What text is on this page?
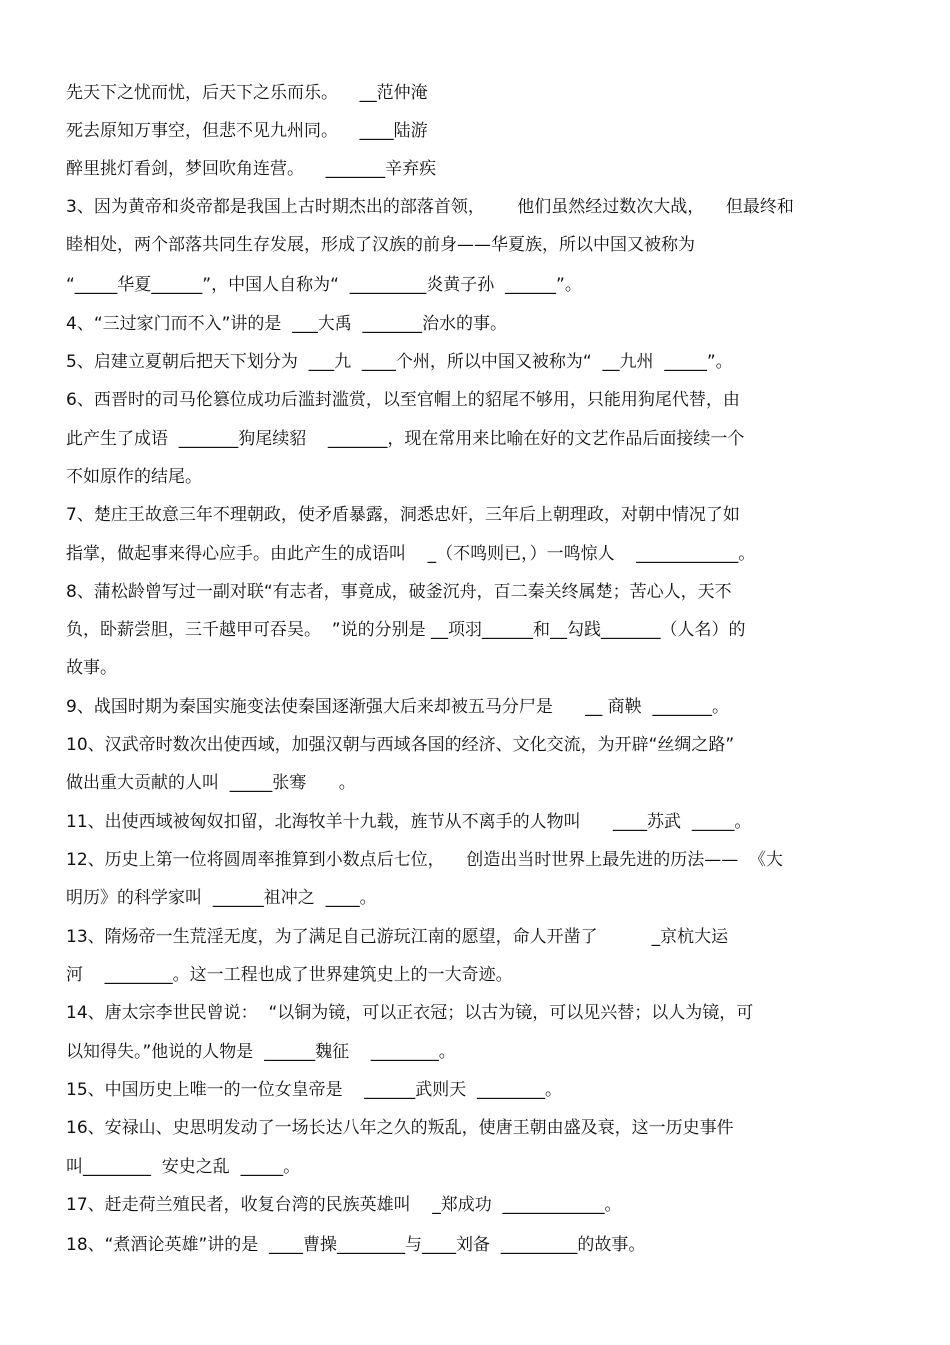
先天下之忧而忧，后天下之乐而乐。    __范仲淹
死去原知万事空，但悲不见九州同。    ____陆游
醉里挑灯看剑，梦回吹角连营。    _______辛弃疾
3、因为黄帝和炎帝都是我国上古时期杰出的部落首领，      他们虽然经过数次大战，    但最终和
睦相处，两个部落共同生存发展，形成了汉族的前身——华夏族，所以中国又被称为
“_____华夏______”，中国人自称为“  _________炎黄子孙  ______”。
4、“三过家门而不入”讲的是  ___大禹  _______治水的事。
5、启建立夏朝后把天下划分为  ___九  ____个州，所以中国又被称为“  __九州  _____”。
6、西晋时的司马伦篡位成功后滥封滥赏，以至官帽上的貂尾不够用，只能用狗尾代替，由
此产生了成语  _______狗尾续貂    _______，现在常用来比喻在好的文艺作品后面接续一个
不如原作的结尾。
7、楚庄王故意三年不理朝政，使矛盾暴露，洞悉忠奸，三年后上朝理政，对朝中情况了如
指掌，做起事来得心应手。由此产生的成语叫    _（不鸣则已，）一鸣惊人    ____________。
8、蒲松龄曾写过一副对联“有志者，事竟成，破釜沉舟，百二秦关终属楚；苦心人，天不
负，卧薪尝胆，三千越甲可吞吴。  ”说的分别是 __项羽______和__勾践_______（人名）的
故事。
9、战国时期为秦国实施变法使秦国逐渐强大后来却被五马分尸是      __ 商鞅  _______。
10、汉武帝时数次出使西域，加强汉朝与西域各国的经济、文化交流，为开辟“丝绸之路”
做出重大贡献的人叫  _____张骞      。
11、出使西域被匈奴扣留，北海牧羊十九载，旌节从不离手的人物叫      ____苏武  _____。
12、历史上第一位将圆周率推算到小数点后七位，    创造出当时世界上最先进的历法——  《大
明历》的科学家叫  ______祖冲之  ____。
13、隋炀帝一生荒淫无度，为了满足自己游玩江南的愿望，命人开凿了          _京杭大运
河    ________。这一工程也成了世界建筑史上的一大奇迹。
14、唐太宗李世民曾说：  “以铜为镜，可以正衣冠；以古为镜，可以见兴替；以人为镜，可
以知得失。”他说的人物是  ______魏征    ________。
15、中国历史上唯一的一位女皇帝是    ______武则天  ________。
16、安禄山、史思明发动了一场长达八年之久的叛乱，使唐王朝由盛及衰，这一历史事件
叫________  安史之乱  _____。
17、赶走荷兰殖民者，收复台湾的民族英雄叫    _郑成功  ____________。
18、“煮酒论英雄”讲的是  ____曹操________与____刘备  _________的故事。
